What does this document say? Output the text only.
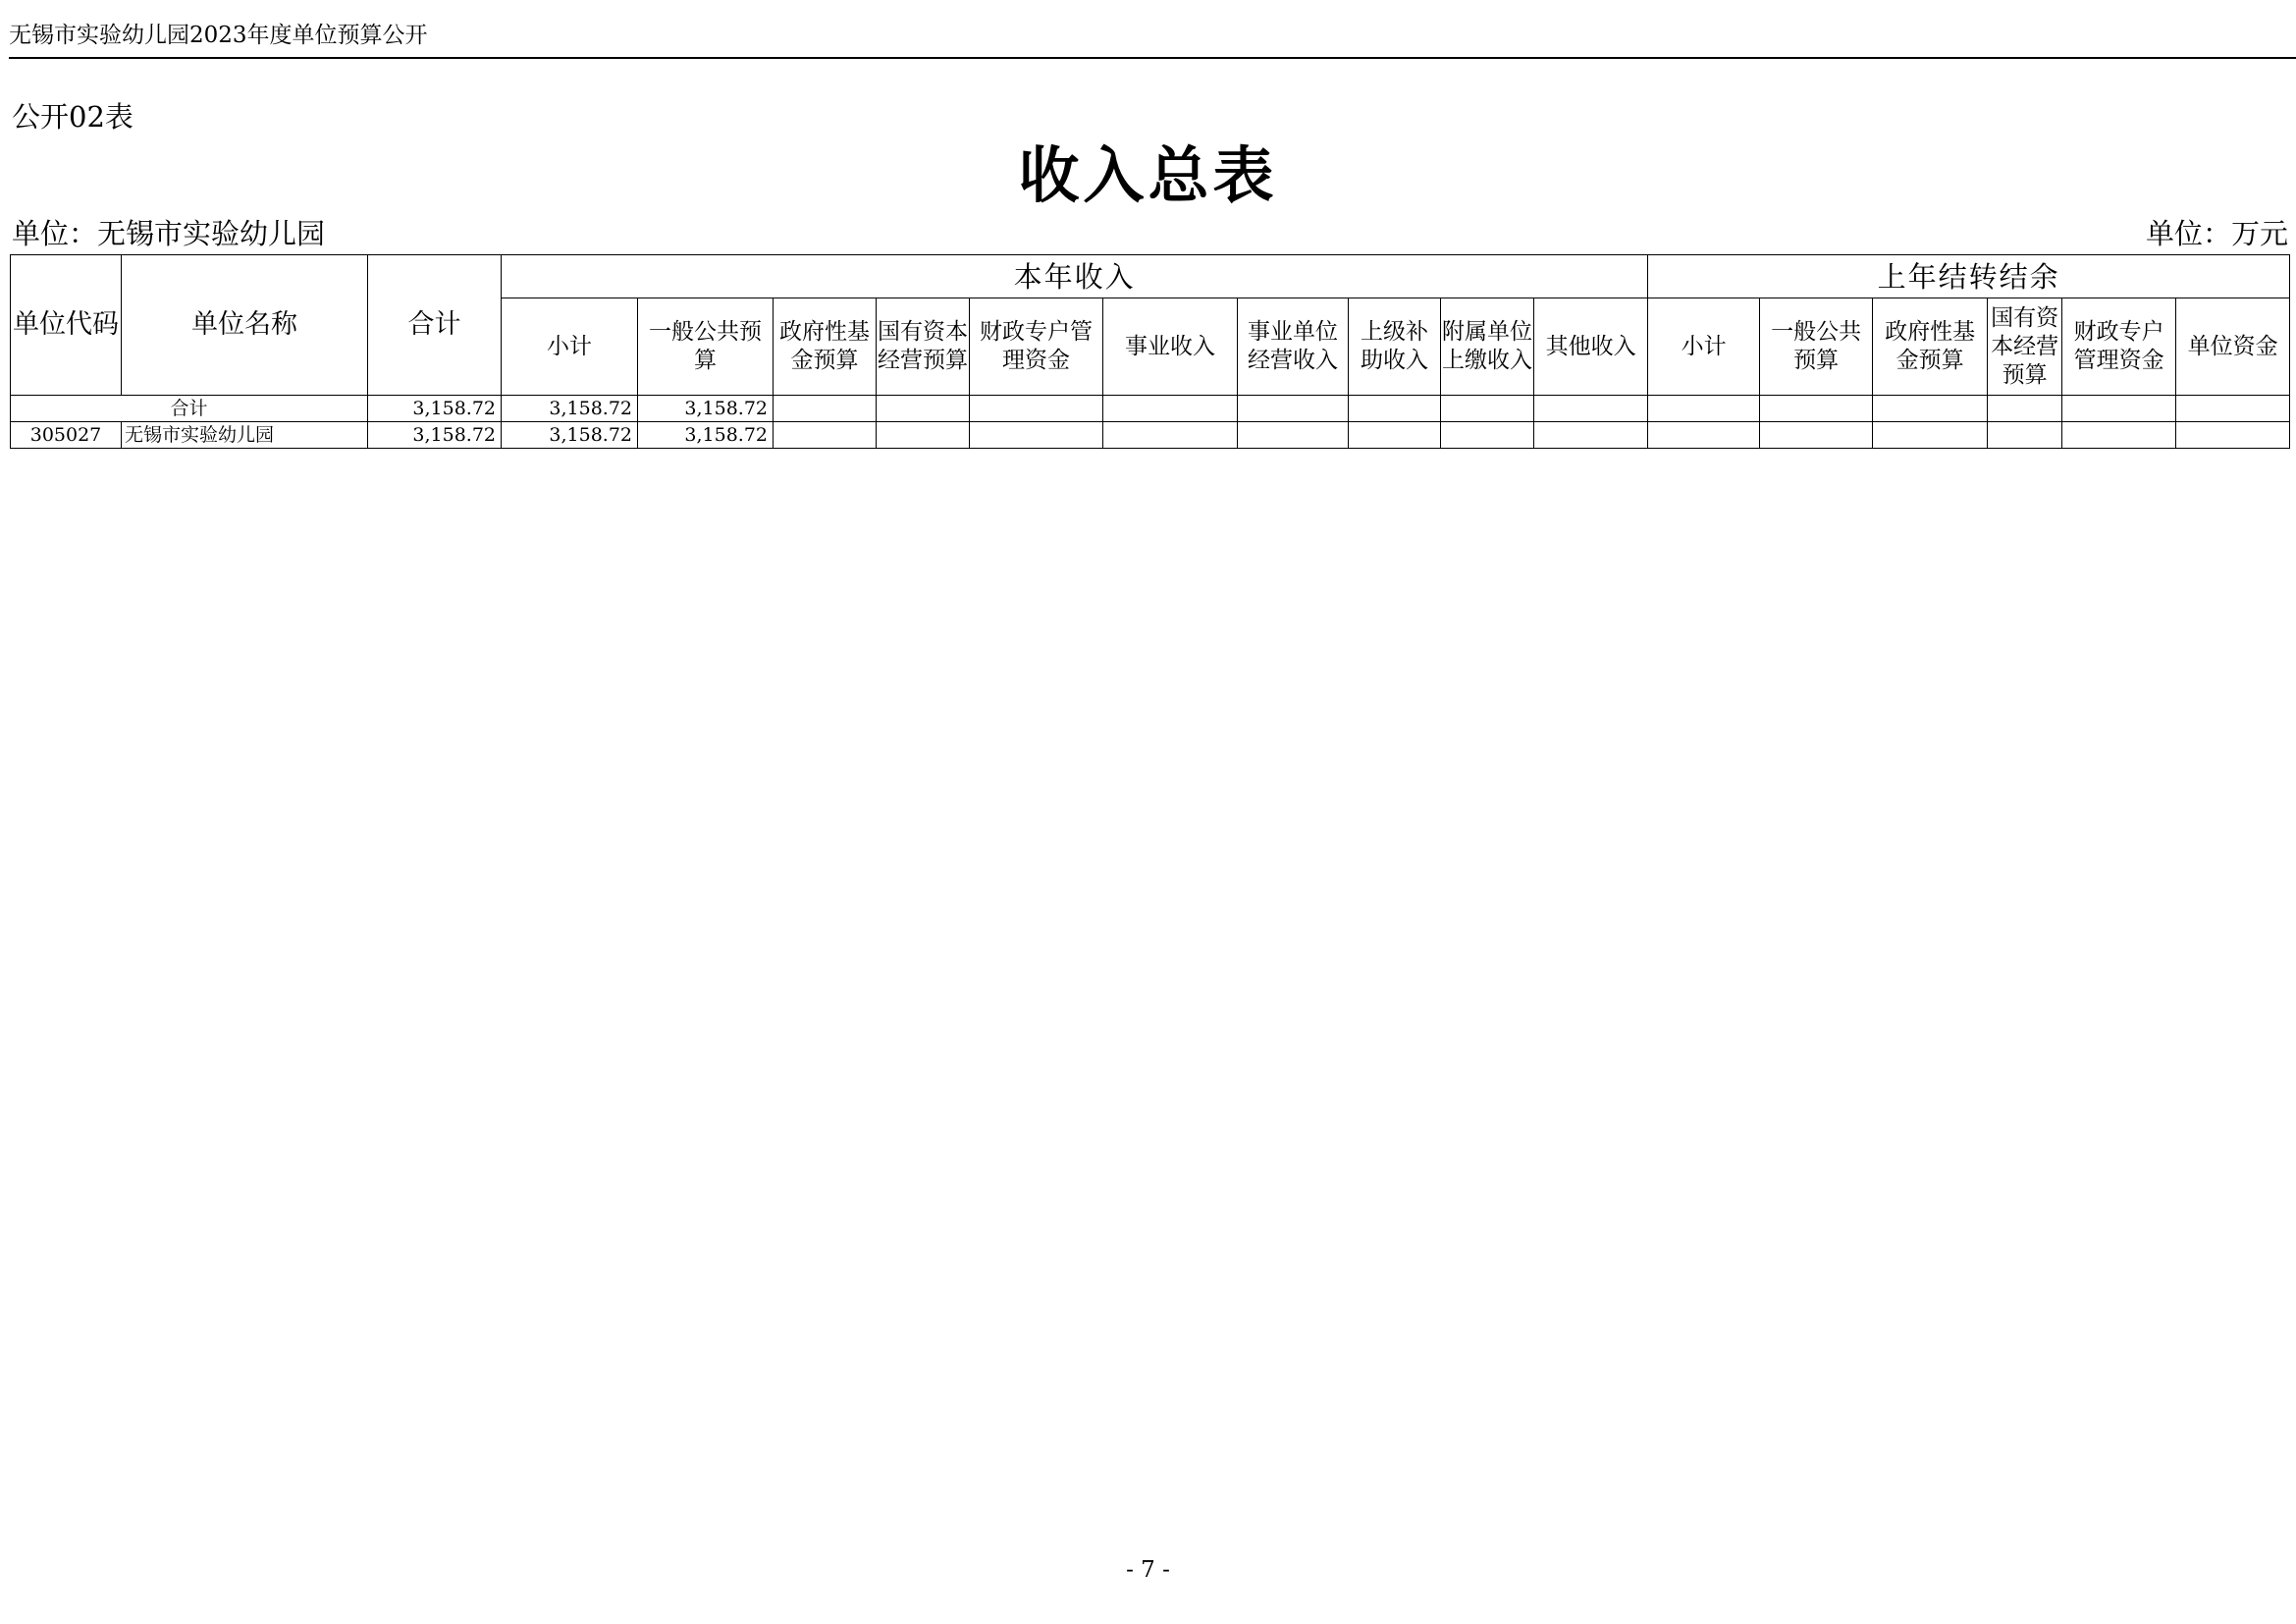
无锡市实验幼儿园2023年度单位预算公开
公开02表
收入总表
单位：无锡市实验幼儿园	单位：万元
单位代码	单位名称	合计	本年收入										上年结转结余					
			小计	一般公共预算	政府性基金预算	国有资本经营预算	财政专户管理资金	事业收入	事业单位经营收入	上级补助收入	附属单位上缴收入	其他收入	小计	一般公共预算	政府性基金预算	国有资本经营预算	财政专户管理资金	单位资金
合计		3,158.72	3,158.72	3,158.72														
305027	无锡市实验幼儿园	3,158.72	3,158.72	3,158.72														
- 7 -
